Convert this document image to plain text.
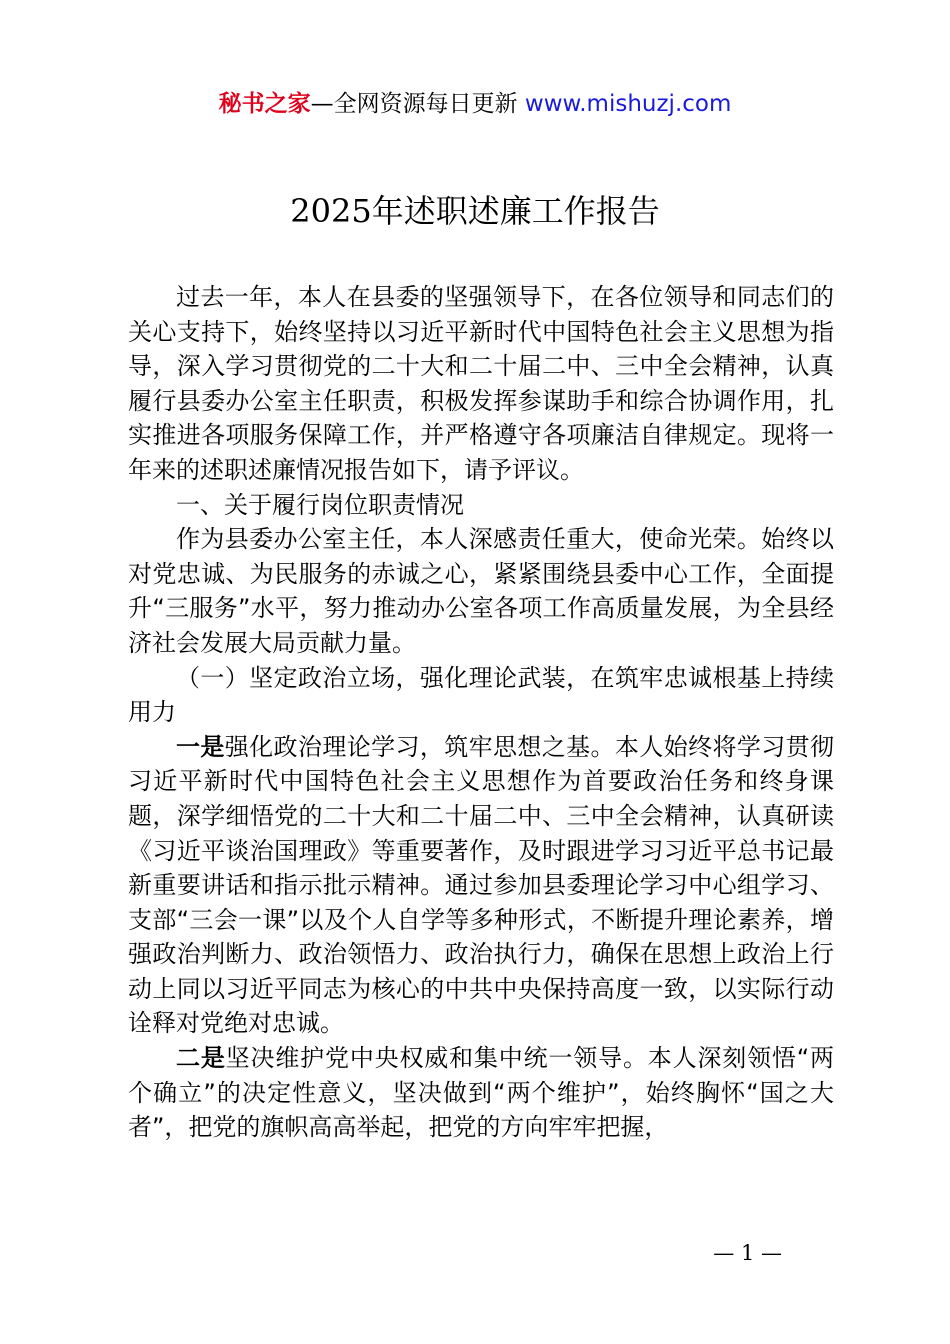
秘书之家—全网资源每日更新 www.mishuzj.com
2025年述职述廉工作报告

过去一年，本人在县委的坚强领导下，在各位领导和同志们的关心支持下，始终坚持以习近平新时代中国特色社会主义思想为指导，深入学习贯彻党的二十大和二十届二中、三中全会精神，认真履行县委办公室主任职责，积极发挥参谋助手和综合协调作用，扎实推进各项服务保障工作，并严格遵守各项廉洁自律规定。现将一年来的述职述廉情况报告如下，请予评议。

一、关于履行岗位职责情况

作为县委办公室主任，本人深感责任重大，使命光荣。始终以对党忠诚、为民服务的赤诚之心，紧紧围绕县委中心工作，全面提升“三服务”水平，努力推动办公室各项工作高质量发展，为全县经济社会发展大局贡献力量。

（一）坚定政治立场，强化理论武装，在筑牢忠诚根基上持续用力

一是强化政治理论学习，筑牢思想之基。本人始终将学习贯彻习近平新时代中国特色社会主义思想作为首要政治任务和终身课题，深学细悟党的二十大和二十届二中、三中全会精神，认真研读《习近平谈治国理政》等重要著作，及时跟进学习习近平总书记最新重要讲话和指示批示精神。通过参加县委理论学习中心组学习、支部“三会一课”以及个人自学等多种形式，不断提升理论素养，增强政治判断力、政治领悟力、政治执行力，确保在思想上政治上行动上同以习近平同志为核心的中共中央保持高度一致，以实际行动诠释对党绝对忠诚。

二是坚决维护党中央权威和集中统一领导。本人深刻领悟“两个确立”的决定性意义，坚决做到“两个维护”，始终胸怀“国之大者”，把党的旗帜高高举起，把党的方向牢牢把握，

— 1 —
